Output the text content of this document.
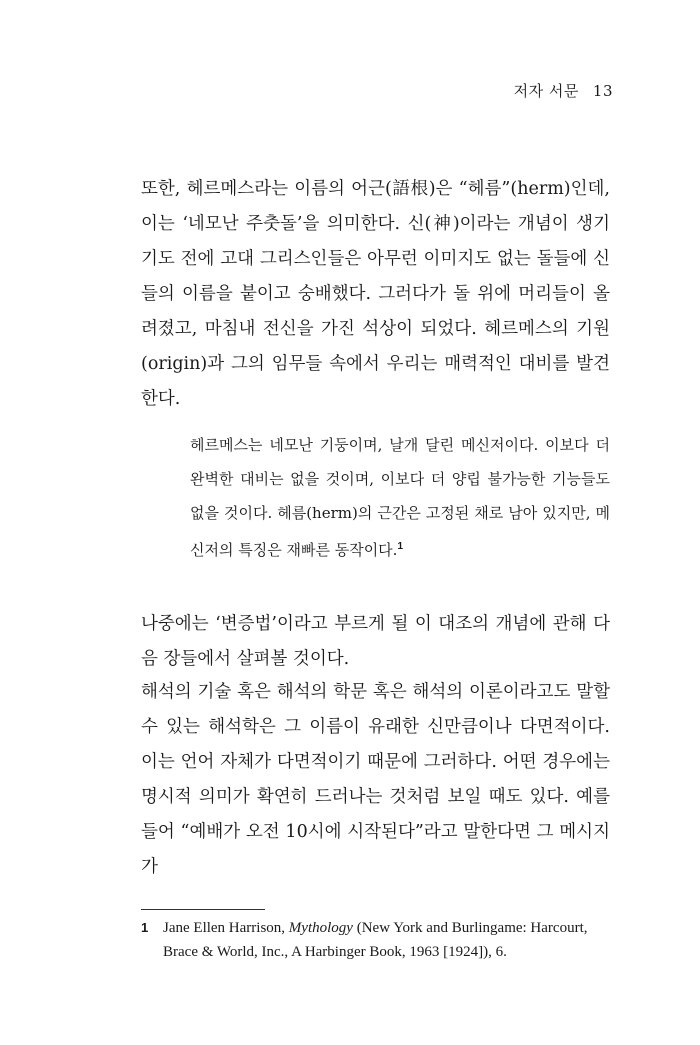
저자 서문 13

또한, 헤르메스라는 이름의 어근(語根)은 “헤름”(herm)인데, 이는 ‘네모난 주춧돌’을 의미한다. 신(神)이라는 개념이 생기기도 전에 고대 그리스인들은 아무런 이미지도 없는 돌들에 신들의 이름을 붙이고 숭배했다. 그러다가 돌 위에 머리들이 올려졌고, 마침내 전신을 가진 석상이 되었다. 헤르메스의 기원(origin)과 그의 임무들 속에서 우리는 매력적인 대비를 발견한다.

헤르메스는 네모난 기둥이며, 날개 달린 메신저이다. 이보다 더 완벽한 대비는 없을 것이며, 이보다 더 양립 불가능한 기능들도 없을 것이다. 헤름(herm)의 근간은 고정된 채로 남아 있지만, 메신저의 특징은 재빠른 동작이다.$^1$

나중에는 ‘변증법’이라고 부르게 될 이 대조의 개념에 관해 다음 장들에서 살펴볼 것이다.

해석의 기술 혹은 해석의 학문 혹은 해석의 이론이라고도 말할 수 있는 해석학은 그 이름이 유래한 신만큼이나 다면적이다. 이는 언어 자체가 다면적이기 때문에 그러하다. 어떤 경우에는 명시적 의미가 확연히 드러나는 것처럼 보일 때도 있다. 예를 들어 “예배가 오전 10시에 시작된다”라고 말한다면 그 메시지가

1 Jane Ellen Harrison, Mythology (New York and Burlingame: Harcourt, Brace & World, Inc., A Harbinger Book, 1963 [1924]), 6.
